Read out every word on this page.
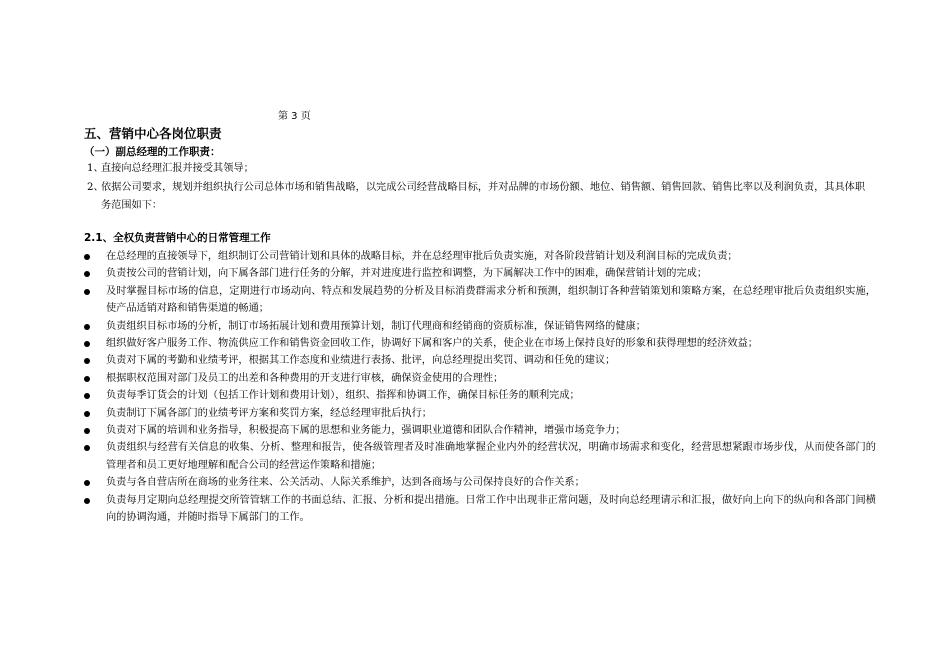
第 3 页
五、营销中心各岗位职责
（一）副总经理的工作职责：
1、
直接向总经理汇报并接受其领导；
2、
依据公司要求，规划并组织执行公司总体市场和销售战略，以完成公司经营战略目标，并对品牌的市场份额、地位、销售额、销售回款、销售比率以及利润负责，其具体职务范围如下：
2.1、全权负责营销中心的日常管理工作
在总经理的直接领导下，组织制订公司营销计划和具体的战略目标，并在总经理审批后负责实施，对各阶段营销计划及利润目标的完成负责；
负责按公司的营销计划，向下属各部门进行任务的分解，并对进度进行监控和调整，为下属解决工作中的困难，确保营销计划的完成；
及时掌握目标市场的信息，定期进行市场动向、特点和发展趋势的分析及目标消费群需求分析和预测，组织制订各种营销策划和策略方案，在总经理审批后负责组织实施，使产品适销对路和销售渠道的畅通；
负责组织目标市场的分析，制订市场拓展计划和费用预算计划，制订代理商和经销商的资质标准，保证销售网络的健康；
组织做好客户服务工作、物流供应工作和销售资金回收工作，协调好下属和客户的关系，使企业在市场上保持良好的形象和获得理想的经济效益；
负责对下属的考勤和业绩考评，根据其工作态度和业绩进行表扬、批评，向总经理提出奖罚、调动和任免的建议；
根据职权范围对部门及员工的出差和各种费用的开支进行审核，确保资金使用的合理性；
负责每季订货会的计划（包括工作计划和费用计划），组织、指挥和协调工作，确保目标任务的顺利完成；
负责制订下属各部门的业绩考评方案和奖罚方案，经总经理审批后执行；
负责对下属的培训和业务指导，积极提高下属的思想和业务能力，强调职业道德和团队合作精神，增强市场竞争力；
负责组织与经营有关信息的收集、分析、整理和报告，使各级管理者及时准确地掌握企业内外的经营状况，明确市场需求和变化，经营思想紧跟市场步伐，从而使各部门的管理者和员工更好地理解和配合公司的经营运作策略和措施；
负责与各自营店所在商场的业务往来、公关活动、人际关系维护，达到各商场与公司保持良好的合作关系；
负责每月定期向总经理提交所管管辖工作的书面总结、汇报、分析和提出措施。日常工作中出现非正常问题，及时向总经理请示和汇报，做好向上向下的纵向和各部门间横向的协调沟通，并随时指导下属部门的工作。
